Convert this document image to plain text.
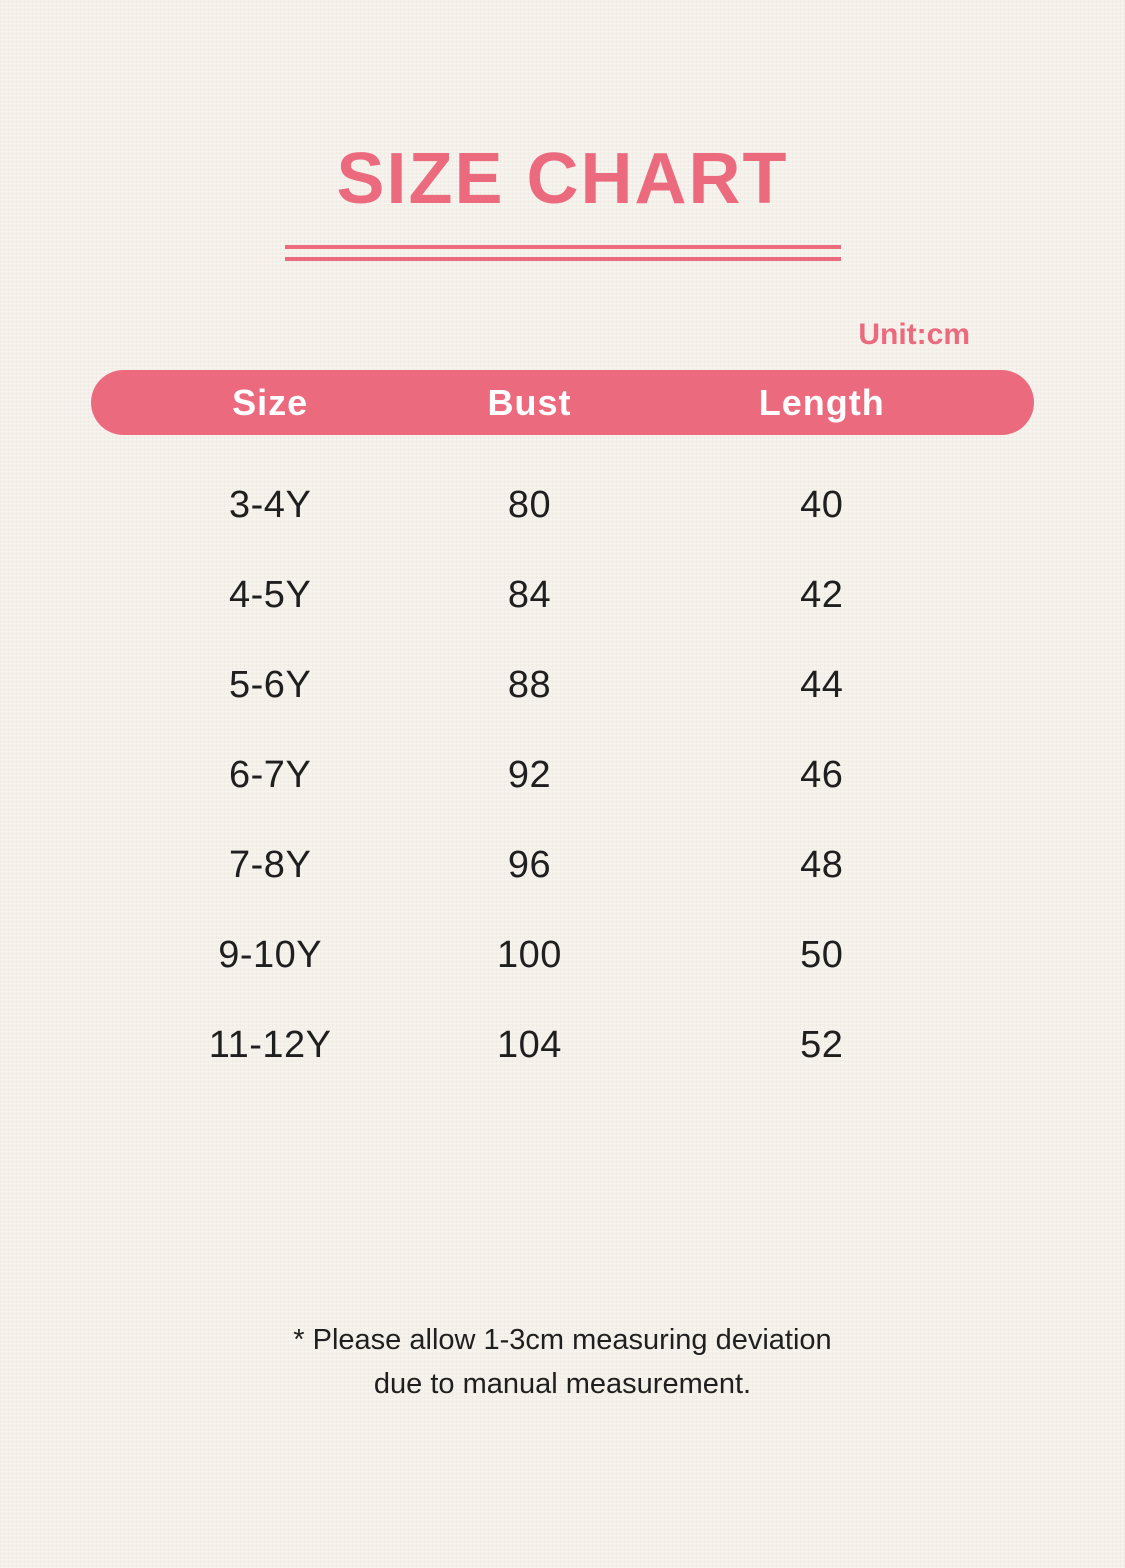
SIZE CHART
Unit:cm
Size	Bust	Length
3-4Y	80	40
4-5Y	84	42
5-6Y	88	44
6-7Y	92	46
7-8Y	96	48
9-10Y	100	50
11-12Y	104	52

* Please allow 1-3cm measuring deviation
due to manual measurement.
